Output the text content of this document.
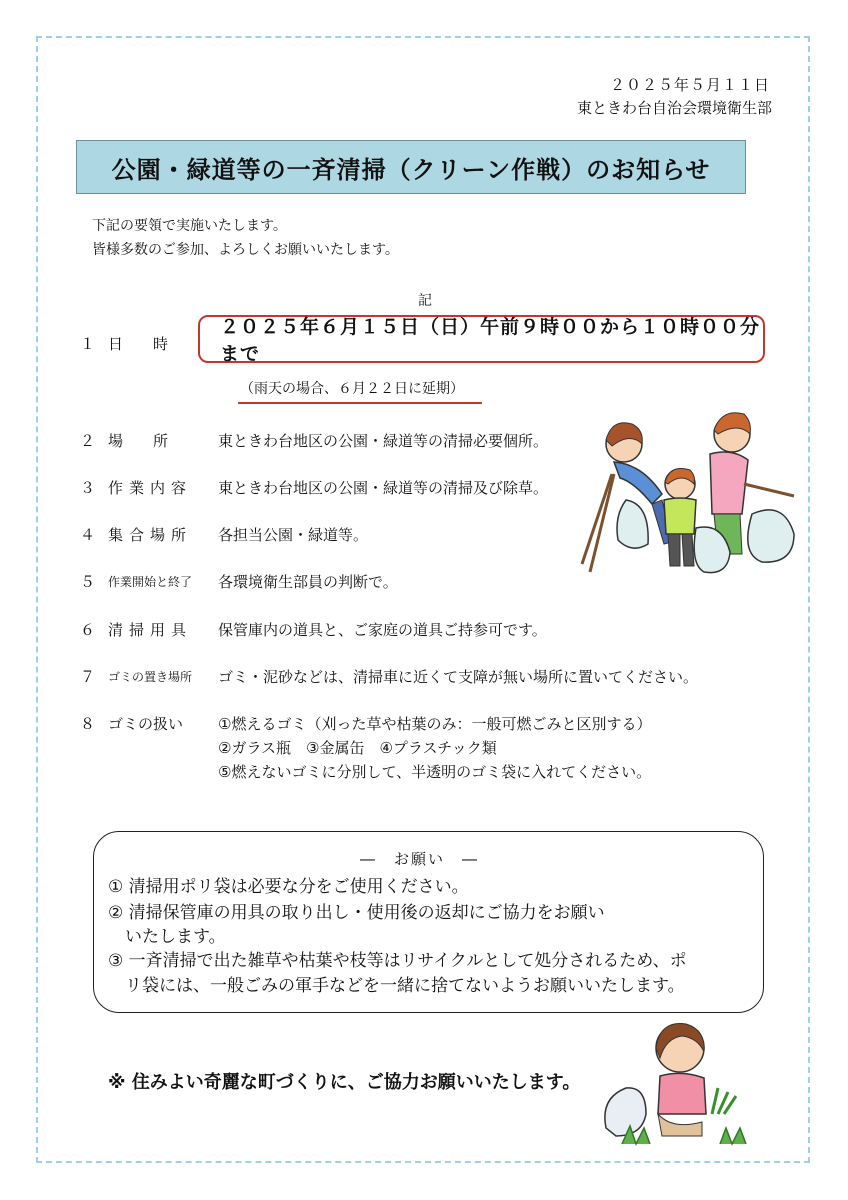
２０２５年５月１１日
東ときわ台自治会環境衛生部
公園・緑道等の一斉清掃（クリーン作戦）のお知らせ
下記の要領で実施いたします。
皆様多数のご参加、よろしくお願いいたします。
記
１ 日　　時
２０２５年６月１５日（日）午前９時００から１０時００分まで
（雨天の場合、６月２２日に延期）
２ 場　　所	東ときわ台地区の公園・緑道等の清掃必要個所。
３ 作業内容 東ときわ台地区の公園・緑道等の清掃及び除草。
４ 集合場所 各担当公園・緑道等。
５ 作業開始と終了 各環境衛生部員の判断で。
６ 清掃用具 保管庫内の道具と、ご家庭の道具ご持参可です。
７ ゴミの置き場所 ゴミ・泥砂などは、清掃車に近くて支障が無い場所に置いてください。
８ ゴミの扱い ①燃えるゴミ（刈った草や枯葉のみ：一般可燃ごみと区別する）
②ガラス瓶　③金属缶　④プラスチック類
⑤燃えないゴミに分別して、半透明のゴミ袋に入れてください。
―　お願い　―
① 清掃用ポリ袋は必要な分をご使用ください。
② 清掃保管庫の用具の取り出し・使用後の返却にご協力をお願い
　いたします。
③ 一斉清掃で出た雑草や枯葉や枝等はリサイクルとして処分されるため、ポ
　リ袋には、一般ごみの軍手などを一緒に捨てないようお願いいたします。
※ 住みよい奇麗な町づくりに、ご協力お願いいたします。
